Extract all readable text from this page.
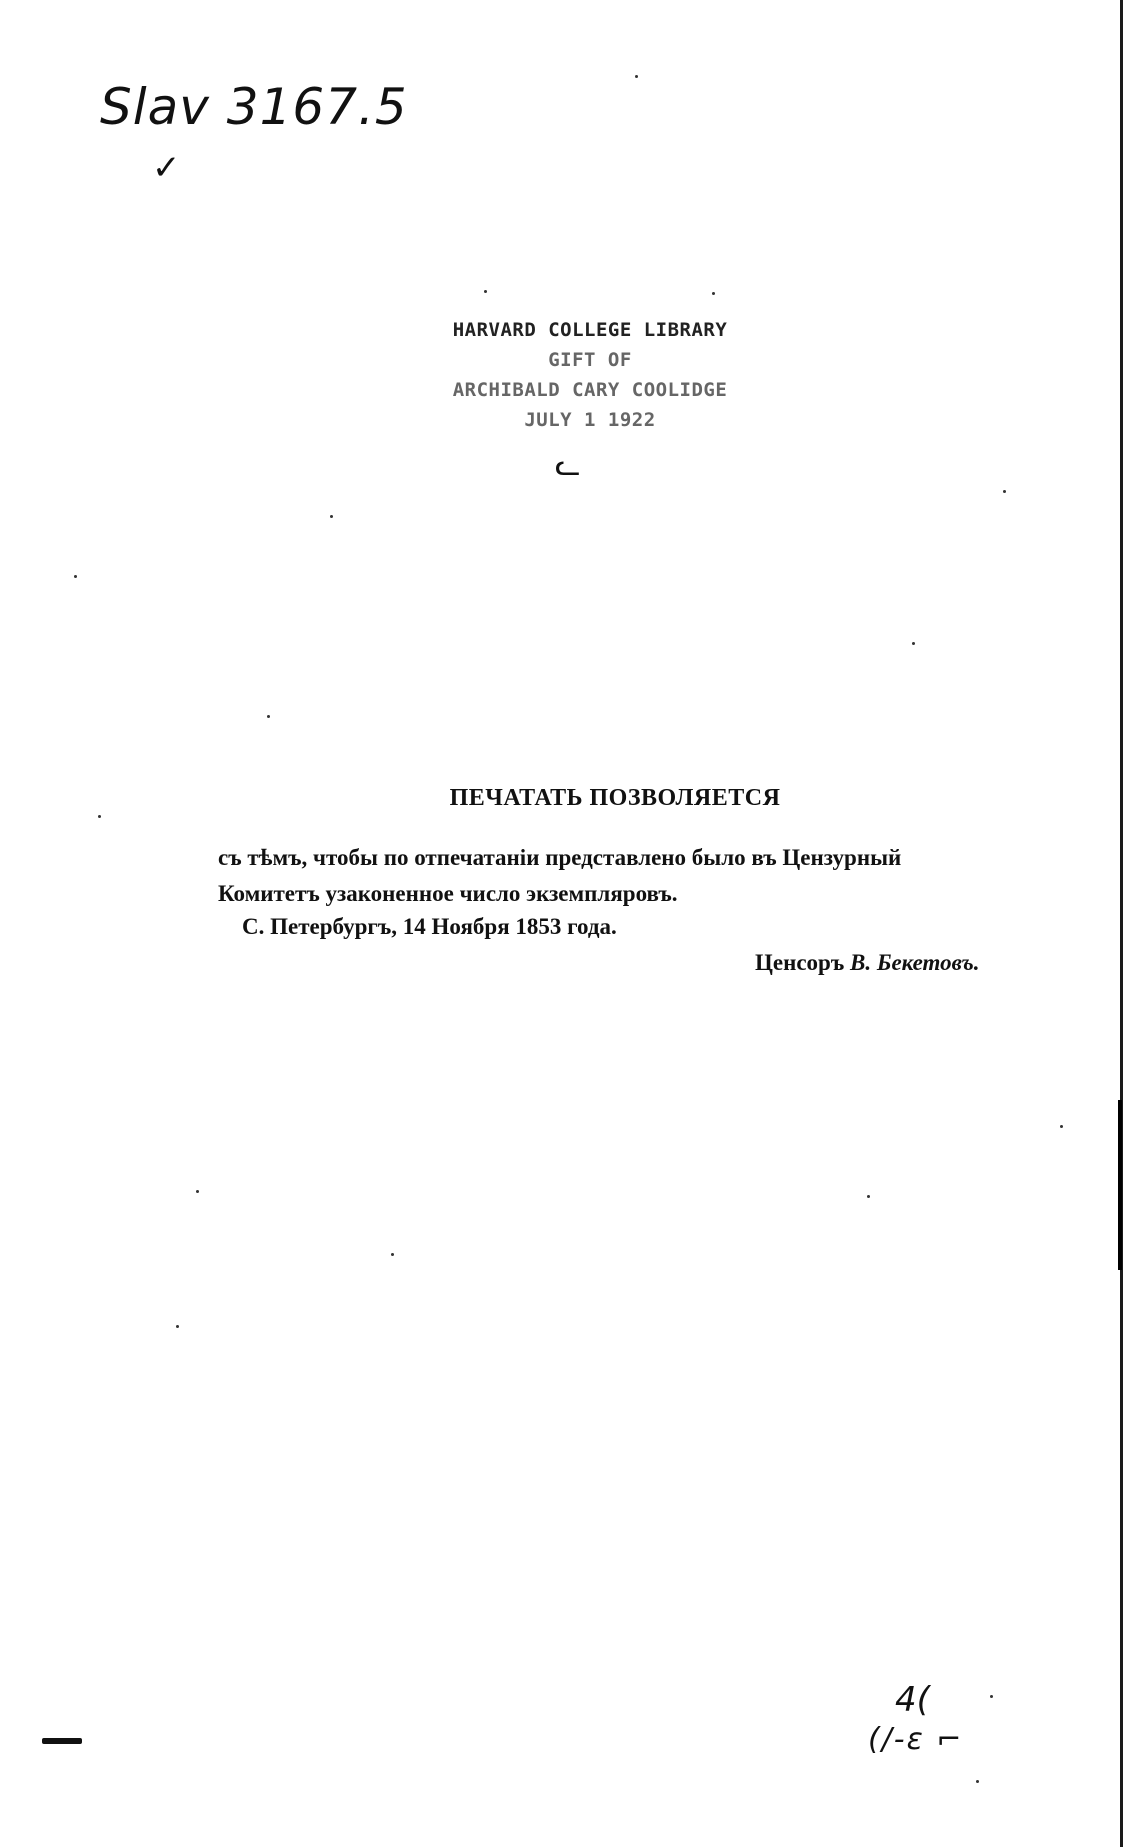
Slav 3167.5
✓
HARVARD COLLEGE LIBRARY
GIFT OF
ARCHIBALD CARY COOLIDGE
JULY 1 1922
ᓚ
ПЕЧАТАТЬ ПОЗВОЛЯЕТСЯ
съ тѣмъ, чтобы по отпечатаніи представлено было въ Цензурный
Комитетъ узаконенное число экземпляровъ.
С. Петербургъ, 14 Ноября 1853 года.
Ценсоръ В. Бекетовъ.
4(
(/-ε ⌐
